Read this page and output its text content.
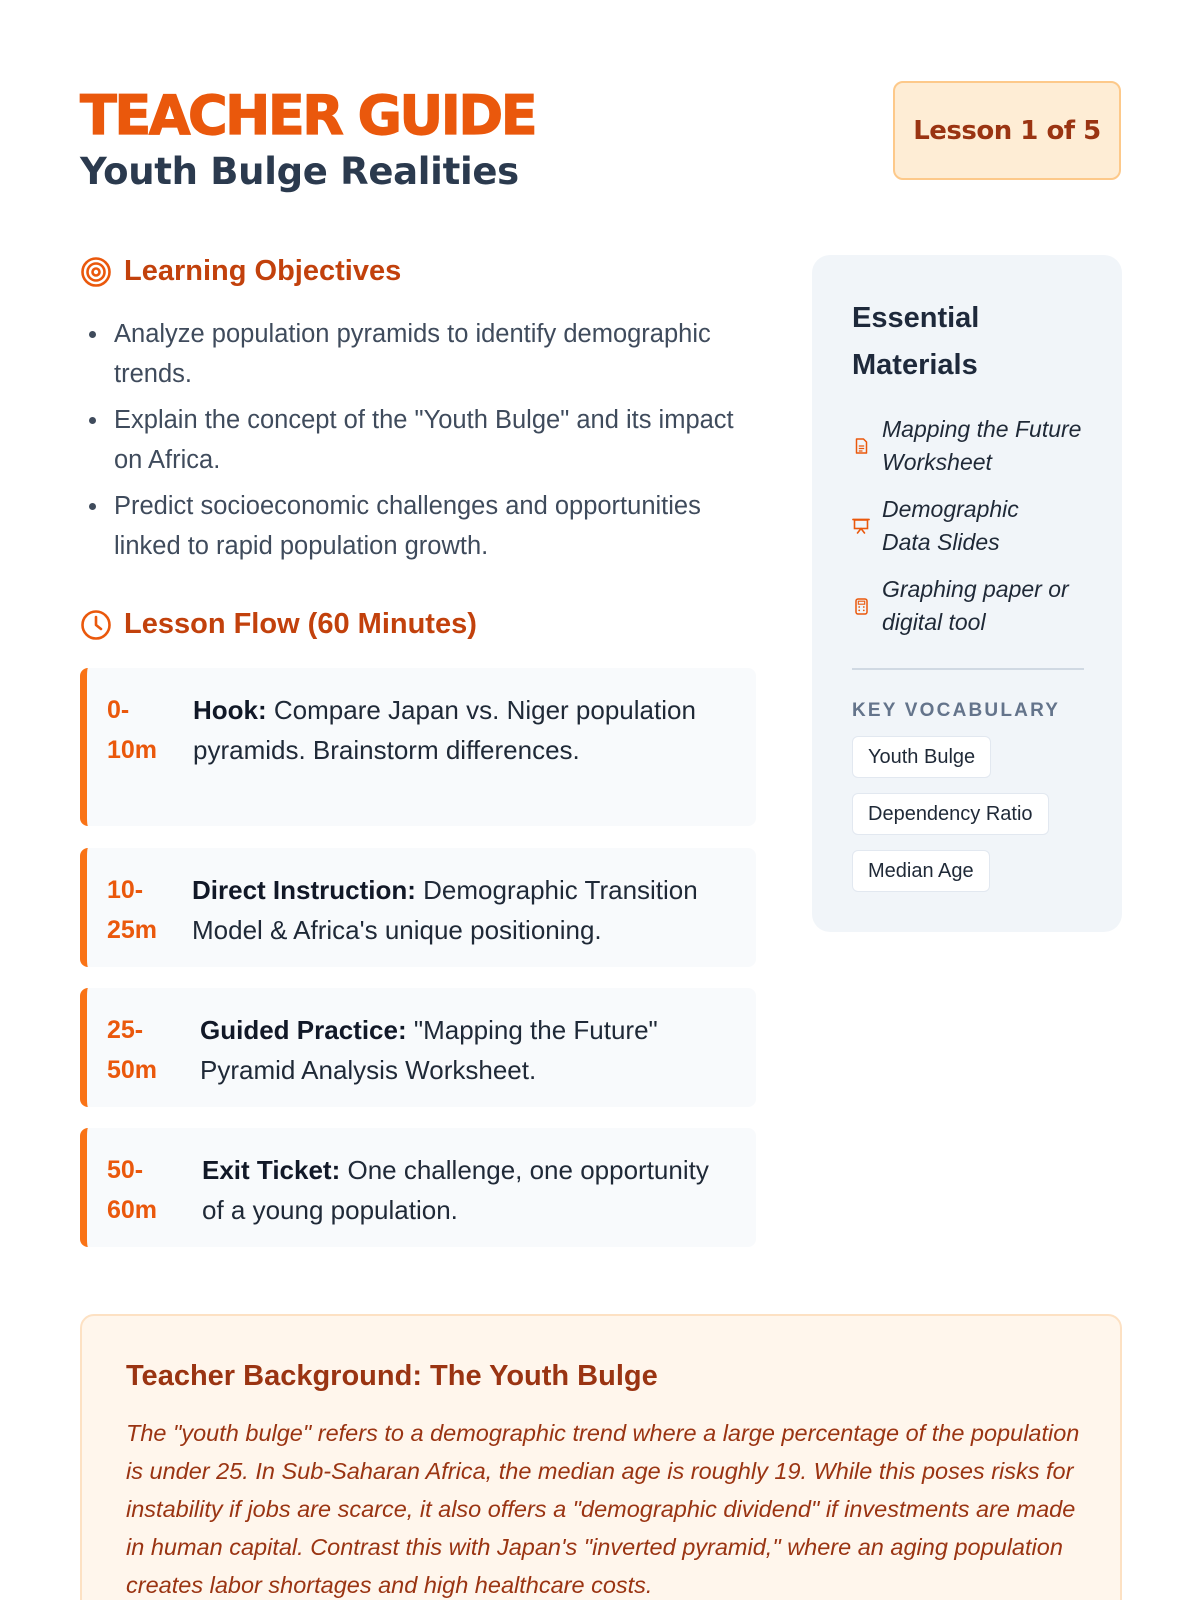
TEACHER GUIDE
Youth Bulge Realities
Lesson 1 of 5
Learning Objectives
Analyze population pyramids to identify demographic trends.
Explain the concept of the "Youth Bulge" and its impact on Africa.
Predict socioeconomic challenges and opportunities linked to rapid population growth.
Lesson Flow (60 Minutes)
0-
10m
Hook: Compare Japan vs. Niger population pyramids. Brainstorm differences.
10-
25m
Direct Instruction: Demographic Transition Model & Africa's unique positioning.
25-
50m
Guided Practice: "Mapping the Future" Pyramid Analysis Worksheet.
50-
60m
Exit Ticket: One challenge, one opportunity of a young population.
Essential Materials
Mapping the Future Worksheet
Demographic Data Slides
Graphing paper or digital tool
KEY VOCABULARY
Youth Bulge
Dependency Ratio
Median Age
Teacher Background: The Youth Bulge

The "youth bulge" refers to a demographic trend where a large percentage of the population is under 25. In Sub-Saharan Africa, the median age is roughly 19. While this poses risks for instability if jobs are scarce, it also offers a "demographic dividend" if investments are made in human capital. Contrast this with Japan's "inverted pyramid," where an aging population creates labor shortages and high healthcare costs.
